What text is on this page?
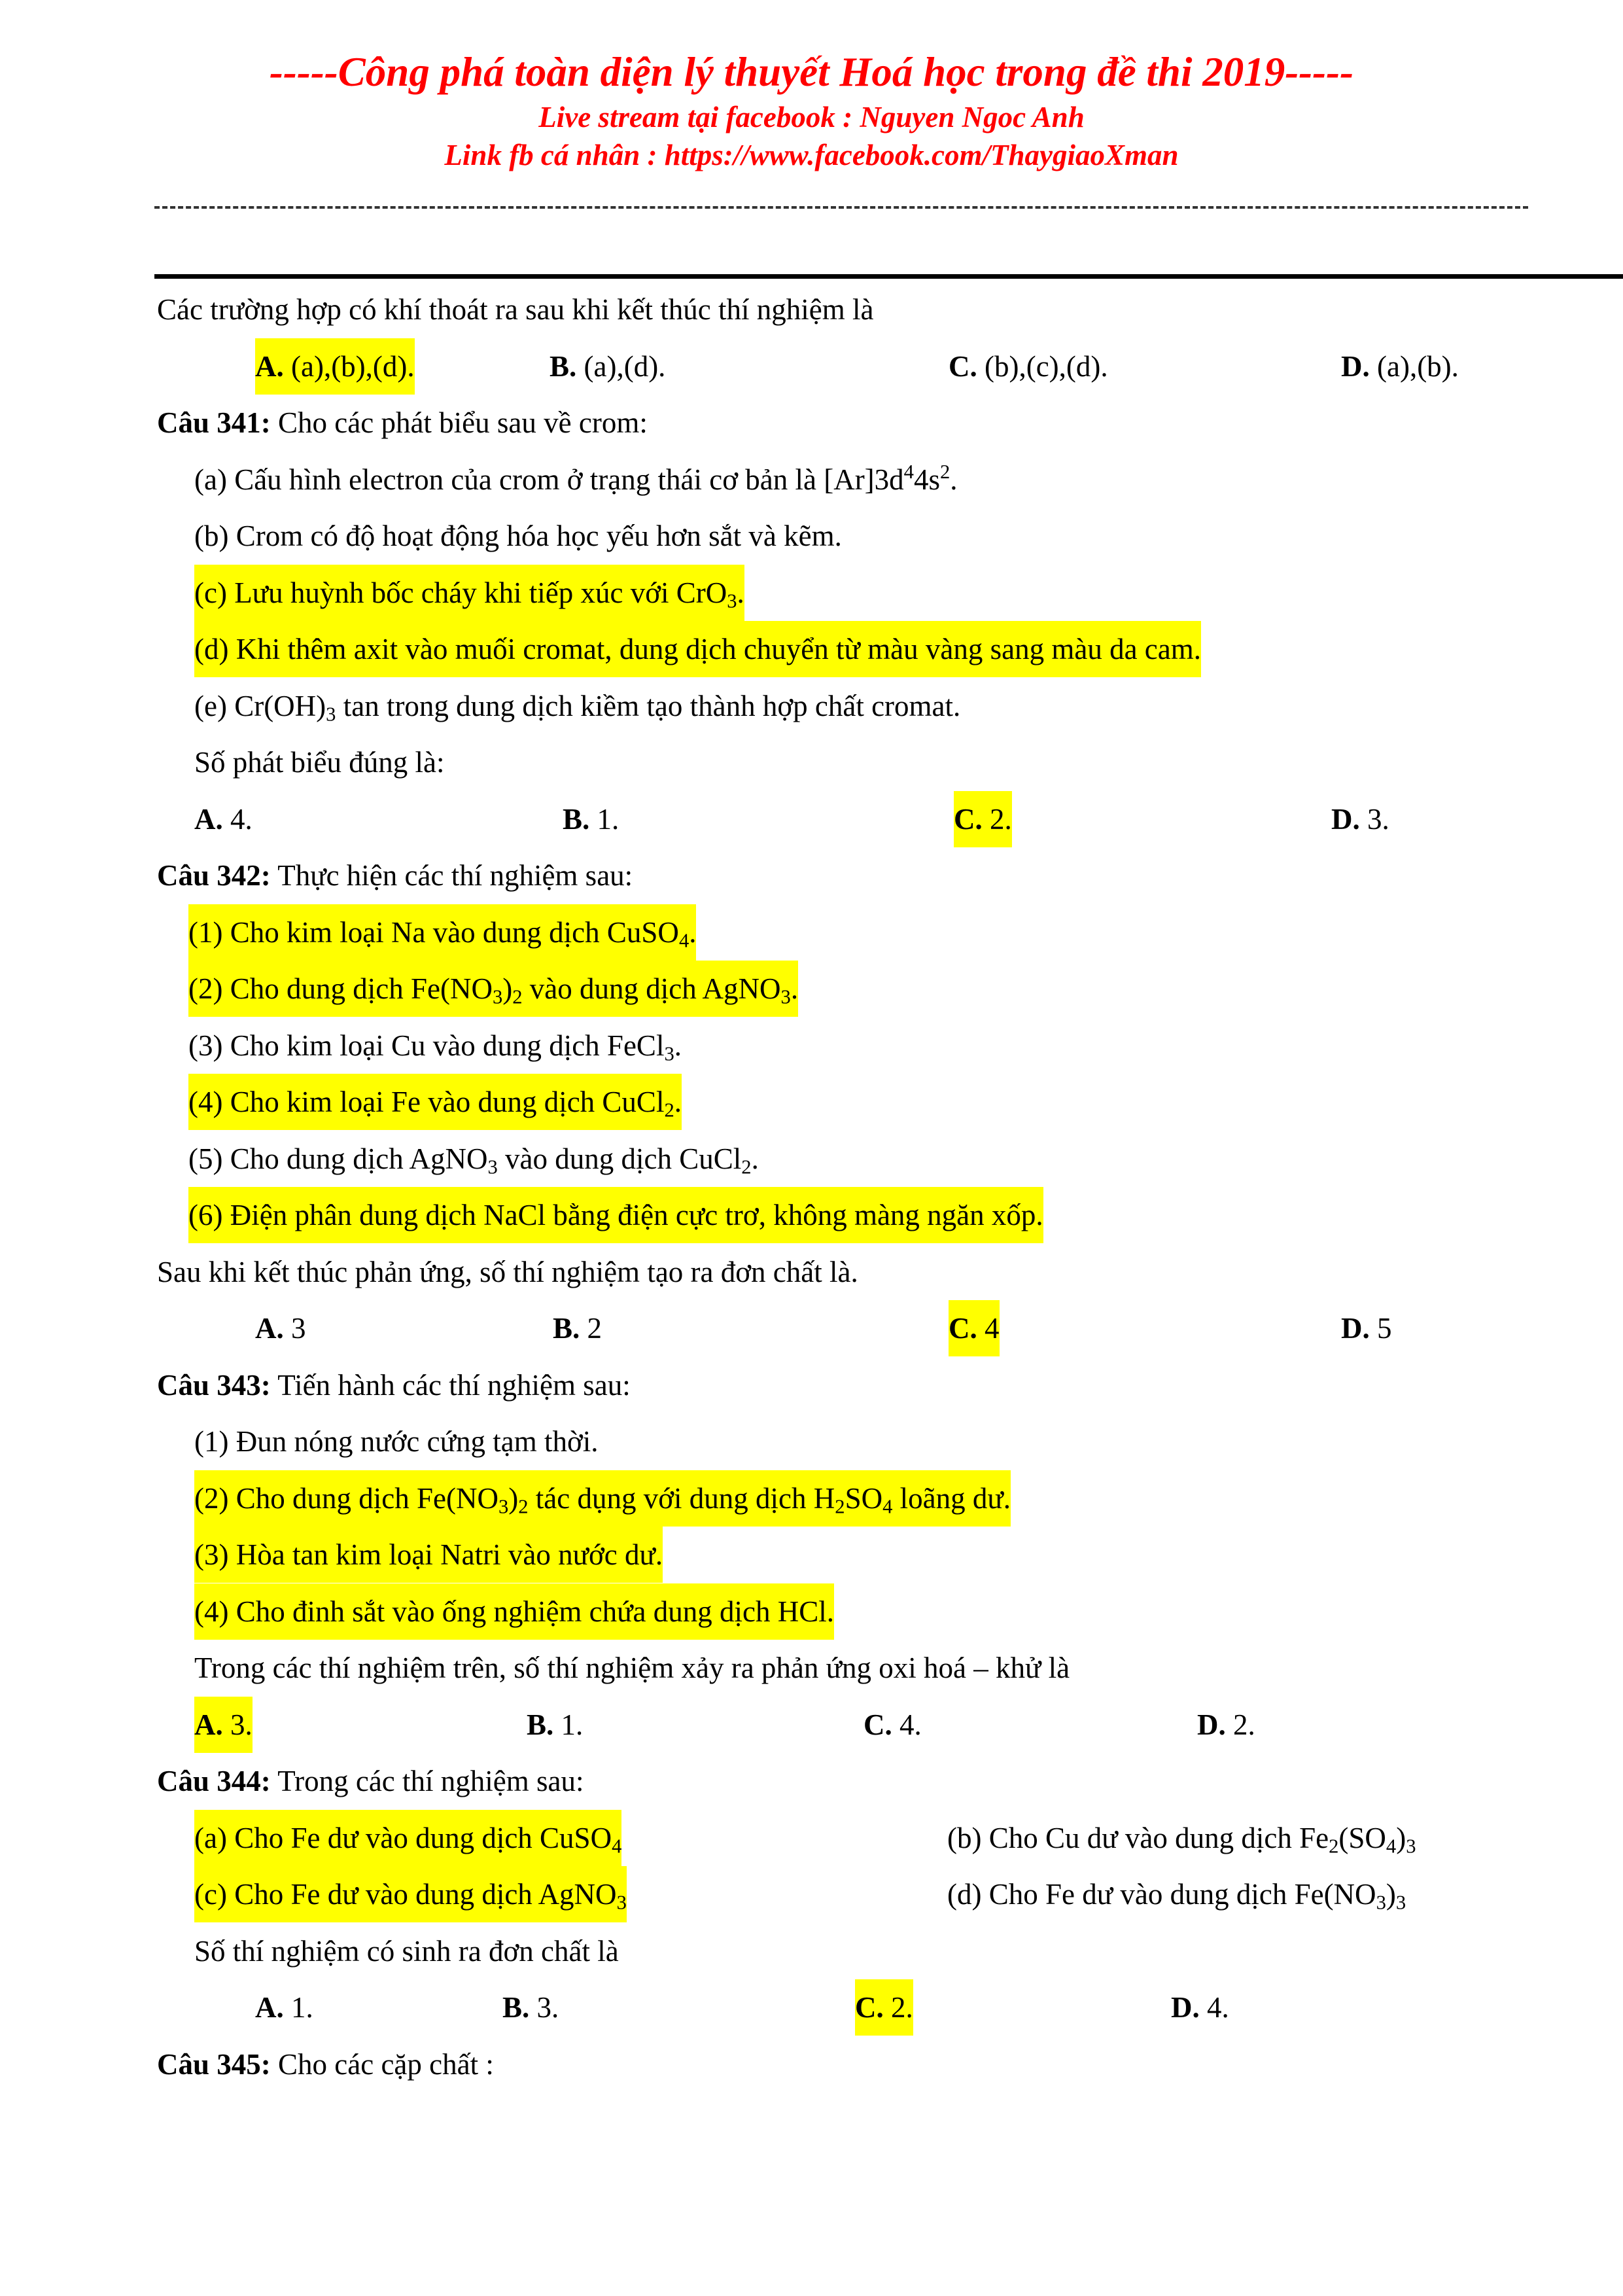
-----Công phá toàn diện lý thuyết Hoá học trong đề thi 2019-----
Live stream tại facebook : Nguyen Ngoc Anh
Link fb cá nhân : https://www.facebook.com/ThaygiaoXman
Các trường hợp có khí thoát ra sau khi kết thúc thí nghiệm là
A. (a),(b),(d).	B. (a),(d).	C. (b),(c),(d).	D. (a),(b).
Câu 341: Cho các phát biểu sau về crom:
(a) Cấu hình electron của crom ở trạng thái cơ bản là $[Ar]3d^44s^2$.
(b) Crom có độ hoạt động hóa học yếu hơn sắt và kẽm.
(c) Lưu huỳnh bốc cháy khi tiếp xúc với CrO$_3$.
(d) Khi thêm axit vào muối cromat, dung dịch chuyển từ màu vàng sang màu da cam.
(e) $Cr(OH)_3$ tan trong dung dịch kiềm tạo thành hợp chất cromat.
Số phát biểu đúng là:
A. 4.	B. 1.	C. 2.	D. 3.
Câu 342: Thực hiện các thí nghiệm sau:
(1) Cho kim loại Na vào dung dịch CuSO$_4$.
(2) Cho dung dịch $Fe(NO_3)_2$ vào dung dịch AgNO$_3$.
(3) Cho kim loại Cu vào dung dịch FeCl$_3$.
(4) Cho kim loại Fe vào dung dịch CuCl$_2$.
(5) Cho dung dịch AgNO$_3$ vào dung dịch CuCl$_2$.
(6) Điện phân dung dịch NaCl bằng điện cực trơ, không màng ngăn xốp.
Sau khi kết thúc phản ứng, số thí nghiệm tạo ra đơn chất là.
A. 3	B. 2	C. 4	D. 5
Câu 343: Tiến hành các thí nghiệm sau:
(1) Đun nóng nước cứng tạm thời.
(2) Cho dung dịch $Fe(NO_3)_2$ tác dụng với dung dịch $H_2SO_4$ loãng dư.
(3) Hòa tan kim loại Natri vào nước dư.
(4) Cho đinh sắt vào ống nghiệm chứa dung dịch HCl.
Trong các thí nghiệm trên, số thí nghiệm xảy ra phản ứng oxi hoá – khử là
A. 3.	B. 1.	C. 4.	D. 2.
Câu 344: Trong các thí nghiệm sau:
(a) Cho Fe dư vào dung dịch CuSO$_4$	(b) Cho Cu dư vào dung dịch $Fe_2(SO_4)_3$
(c) Cho Fe dư vào dung dịch AgNO$_3$	(d) Cho Fe dư vào dung dịch $Fe(NO_3)_3$
Số thí nghiệm có sinh ra đơn chất là
A. 1.	B. 3.	C. 2.	D. 4.
Câu 345: Cho các cặp chất :
